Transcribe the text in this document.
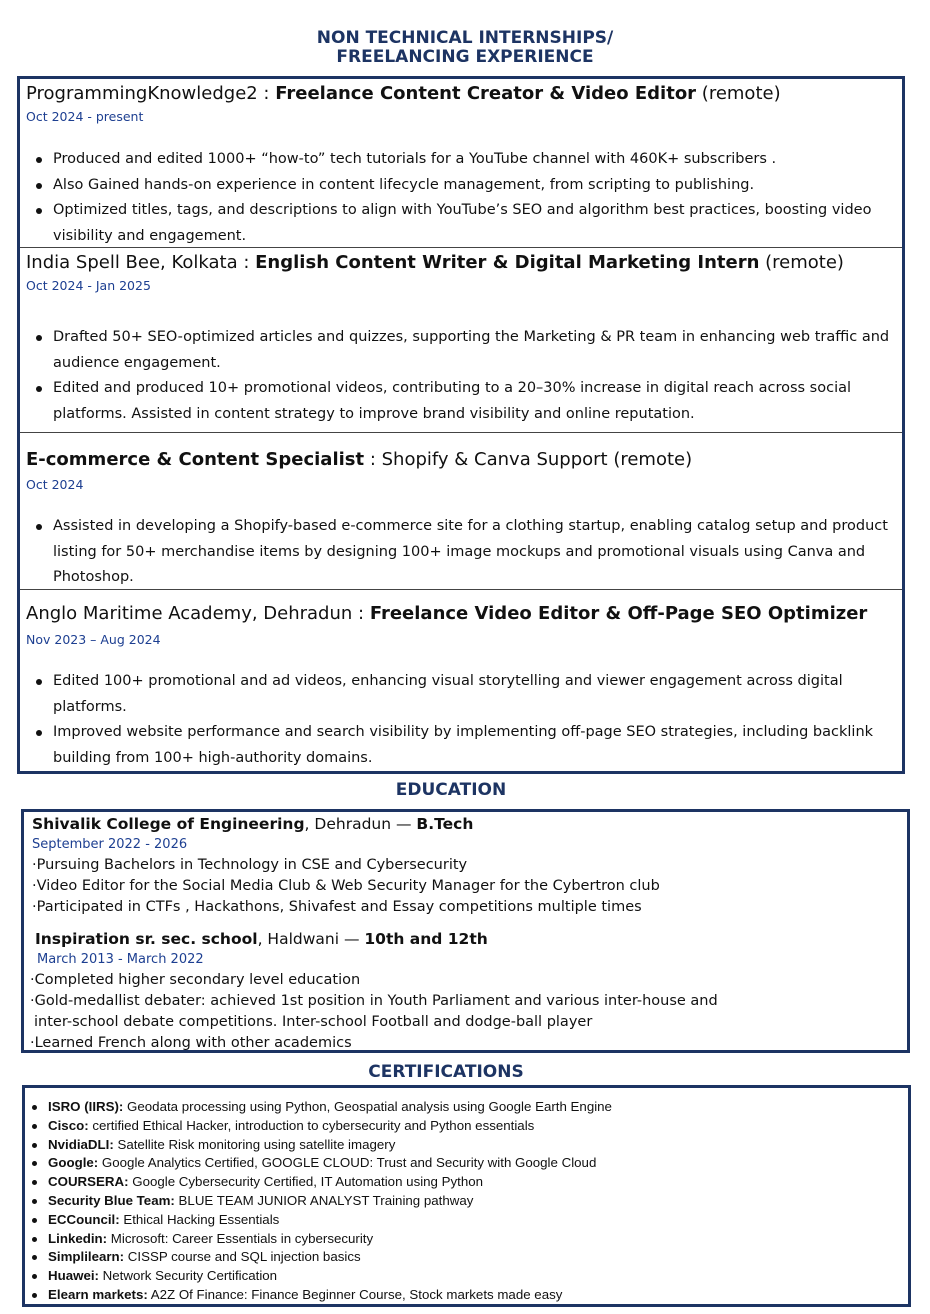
NON TECHNICAL INTERNSHIPS/
FREELANCING EXPERIENCE
ProgrammingKnowledge2 : Freelance Content Creator & Video Editor (remote)
Oct 2024 - present
Produced and edited 1000+ “how-to” tech tutorials for a YouTube channel with 460K+ subscribers .
Also Gained hands-on experience in content lifecycle management, from scripting to publishing.
Optimized titles, tags, and descriptions to align with YouTube’s SEO and algorithm best practices, boosting video visibility and engagement.
India Spell Bee, Kolkata : English Content Writer & Digital Marketing Intern (remote)
Oct 2024 - Jan 2025
Drafted 50+ SEO-optimized articles and quizzes, supporting the Marketing & PR team in enhancing web traffic and audience engagement.
Edited and produced 10+ promotional videos, contributing to a 20–30% increase in digital reach across social platforms. Assisted in content strategy to improve brand visibility and online reputation.
E-commerce & Content Specialist : Shopify & Canva Support (remote)
Oct 2024
Assisted in developing a Shopify-based e-commerce site for a clothing startup, enabling catalog setup and product listing for 50+ merchandise items by designing 100+ image mockups and promotional visuals using Canva and Photoshop.
Anglo Maritime Academy, Dehradun : Freelance Video Editor & Off-Page SEO Optimizer
Nov 2023 – Aug 2024
Edited 100+ promotional and ad videos, enhancing visual storytelling and viewer engagement across digital platforms.
Improved website performance and search visibility by implementing off-page SEO strategies, including backlink building from 100+ high-authority domains.
EDUCATION
Shivalik College of Engineering, Dehradun — B.Tech
September 2022 - 2026
·Pursuing Bachelors in Technology in CSE and Cybersecurity
·Video Editor for the Social Media Club & Web Security Manager for the Cybertron club
·Participated in CTFs , Hackathons, Shivafest and Essay competitions multiple times
Inspiration sr. sec. school, Haldwani — 10th and 12th
March 2013 - March 2022
·Completed higher secondary level education
·Gold-medallist debater: achieved 1st position in Youth Parliament and various inter-house and
inter-school debate competitions. Inter-school Football and dodge-ball player
·Learned French along with other academics
CERTIFICATIONS
ISRO (IIRS): Geodata processing using Python, Geospatial analysis using Google Earth Engine
Cisco: certified Ethical Hacker, introduction to cybersecurity and Python essentials
NvidiaDLI: Satellite Risk monitoring using satellite imagery
Google: Google Analytics Certified, GOOGLE CLOUD: Trust and Security with Google Cloud
COURSERA: Google Cybersecurity Certified, IT Automation using Python
Security Blue Team: BLUE TEAM JUNIOR ANALYST Training pathway
ECCouncil: Ethical Hacking Essentials
Linkedin: Microsoft: Career Essentials in cybersecurity
Simplilearn: CISSP course and SQL injection basics
Huawei: Network Security Certification
Elearn markets: A2Z Of Finance: Finance Beginner Course, Stock markets made easy
